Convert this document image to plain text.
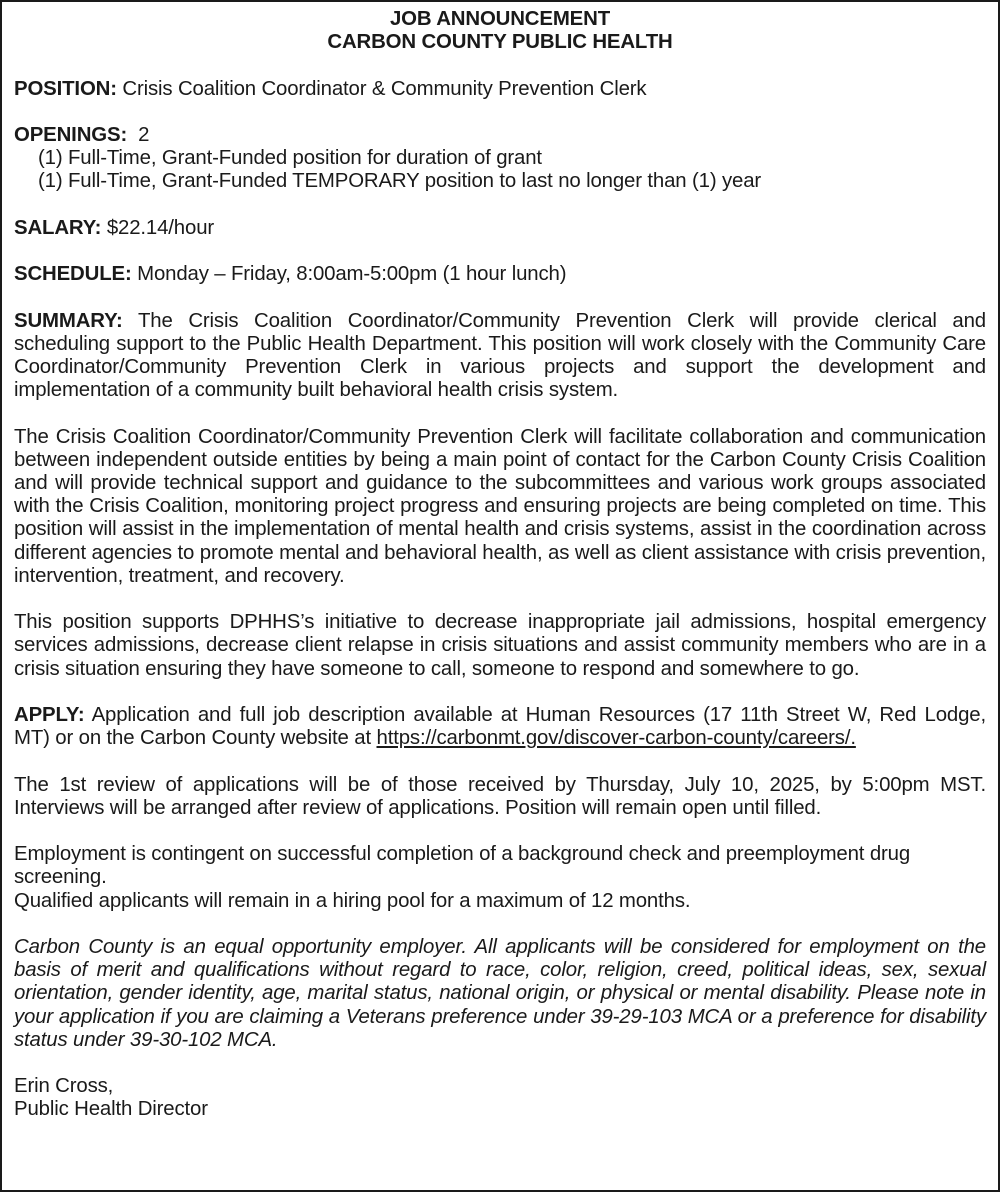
JOB ANNOUNCEMENT
CARBON COUNTY PUBLIC HEALTH

POSITION: Crisis Coalition Coordinator & Community Prevention Clerk

OPENINGS: 2

(1) Full-Time, Grant-Funded position for duration of grant

(1) Full-Time, Grant-Funded TEMPORARY position to last no longer than (1) year

SALARY: $22.14/hour

SCHEDULE: Monday – Friday, 8:00am-5:00pm (1 hour lunch)

SUMMARY: The Crisis Coalition Coordinator/Community Prevention Clerk will provide clerical and scheduling support to the Public Health Department. This position will work closely with the Community Care Coordinator/Community Prevention Clerk in various projects and support the development and implementation of a community built behavioral health crisis system.

The Crisis Coalition Coordinator/Community Prevention Clerk will facilitate collaboration and communication between independent outside entities by being a main point of contact for the Carbon County Crisis Coalition and will provide technical support and guidance to the subcommittees and various work groups associated with the Crisis Coalition, monitoring project progress and ensuring projects are being completed on time. This position will assist in the implementation of mental health and crisis systems, assist in the coordination across different agencies to promote mental and behavioral health, as well as client assistance with crisis prevention, intervention, treatment, and recovery.

This position supports DPHHS’s initiative to decrease inappropriate jail admissions, hospital emergency services admissions, decrease client relapse in crisis situations and assist community members who are in a crisis situation ensuring they have someone to call, someone to respond and somewhere to go.

APPLY: Application and full job description available at Human Resources (17 11th Street W, Red Lodge, MT) or on the Carbon County website at https://carbonmt.gov/discover-carbon-county/careers/.

The 1st review of applications will be of those received by Thursday, July 10, 2025, by 5:00pm MST. Interviews will be arranged after review of applications. Position will remain open until filled.

Employment is contingent on successful completion of a background check and preemployment drug screening.

Qualified applicants will remain in a hiring pool for a maximum of 12 months.

Carbon County is an equal opportunity employer. All applicants will be considered for employment on the basis of merit and qualifications without regard to race, color, religion, creed, political ideas, sex, sexual orientation, gender identity, age, marital status, national origin, or physical or mental disability. Please note in your application if you are claiming a Veterans preference under 39-29-103 MCA or a preference for disability status under 39-30-102 MCA.

Erin Cross,

Public Health Director
